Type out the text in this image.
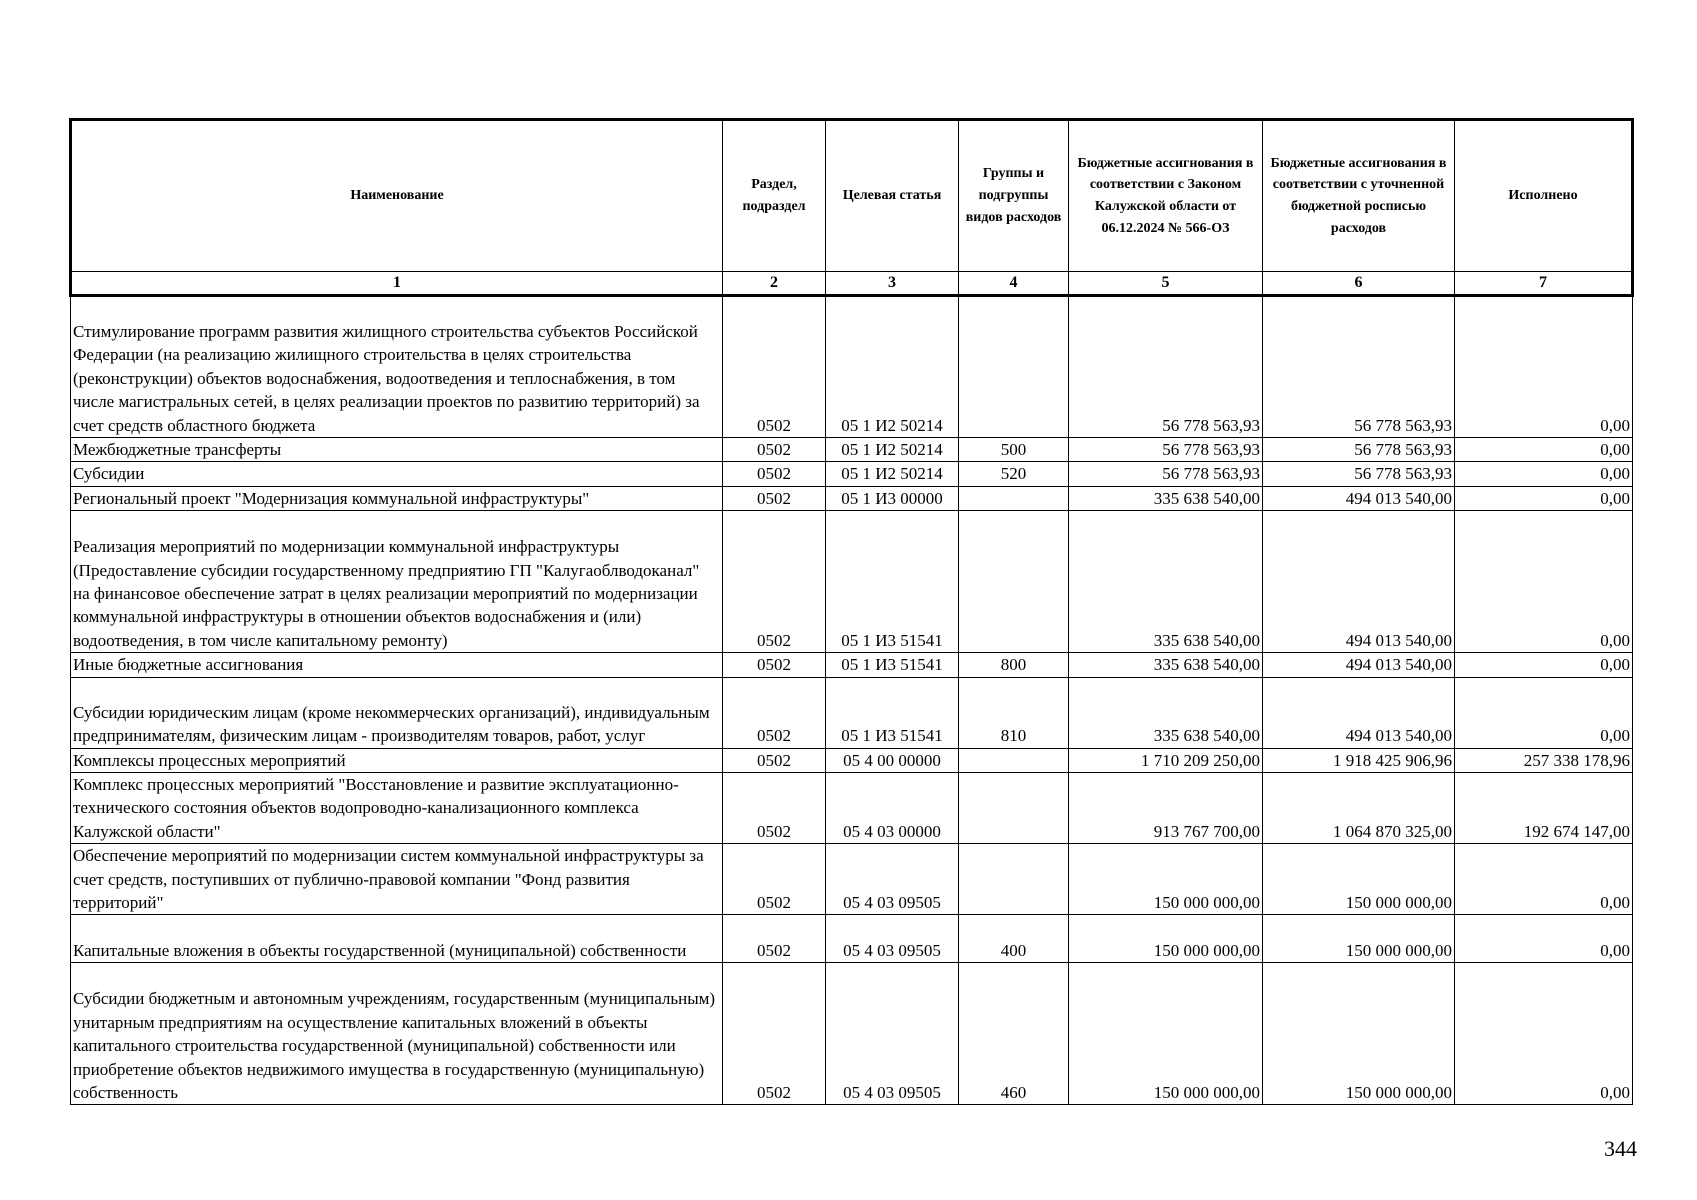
Наименование	Раздел, подраздел	Целевая статья	Группы и подгруппы видов расходов	Бюджетные ассигнования в соответствии с Законом Калужской области от 06.12.2024 № 566-ОЗ	Бюджетные ассигнования в соответствии с уточненной бюджетной росписью расходов	Исполнено
1	2	3	4	5	6	7
Стимулирование программ развития жилищного строительства субъектов Российской Федерации (на реализацию жилищного строительства в целях строительства (реконструкции) объектов водоснабжения, водоотведения и теплоснабжения, в том числе магистральных сетей, в целях реализации проектов по развитию территорий) за счет средств областного бюджета	0502	05 1 И2 50214		56 778 563,93	56 778 563,93	0,00
Межбюджетные трансферты	0502	05 1 И2 50214	500	56 778 563,93	56 778 563,93	0,00
Субсидии	0502	05 1 И2 50214	520	56 778 563,93	56 778 563,93	0,00
Региональный проект "Модернизация коммунальной инфраструктуры"	0502	05 1 И3 00000		335 638 540,00	494 013 540,00	0,00
Реализация мероприятий по модернизации коммунальной инфраструктуры (Предоставление субсидии государственному предприятию ГП "Калугаоблводоканал" на финансовое обеспечение затрат в целях реализации мероприятий по модернизации коммунальной инфраструктуры в отношении объектов водоснабжения и (или) водоотведения, в том числе капитальному ремонту)	0502	05 1 И3 51541		335 638 540,00	494 013 540,00	0,00
Иные бюджетные ассигнования	0502	05 1 И3 51541	800	335 638 540,00	494 013 540,00	0,00
Субсидии юридическим лицам (кроме некоммерческих организаций), индивидуальным предпринимателям, физическим лицам - производителям товаров, работ, услуг	0502	05 1 И3 51541	810	335 638 540,00	494 013 540,00	0,00
Комплексы процессных мероприятий	0502	05 4 00 00000		1 710 209 250,00	1 918 425 906,96	257 338 178,96
Комплекс процессных мероприятий "Восстановление и развитие эксплуатационно-технического состояния объектов водопроводно-канализационного комплекса Калужской области"	0502	05 4 03 00000		913 767 700,00	1 064 870 325,00	192 674 147,00
Обеспечение мероприятий по модернизации систем коммунальной инфраструктуры за счет средств, поступивших от публично-правовой компании "Фонд развития территорий"	0502	05 4 03 09505		150 000 000,00	150 000 000,00	0,00
Капитальные вложения в объекты государственной (муниципальной) собственности	0502	05 4 03 09505	400	150 000 000,00	150 000 000,00	0,00
Субсидии бюджетным и автономным учреждениям, государственным (муниципальным) унитарным предприятиям на осуществление капитальных вложений в объекты капитального строительства государственной (муниципальной) собственности или приобретение объектов недвижимого имущества в государственную (муниципальную) собственность	0502	05 4 03 09505	460	150 000 000,00	150 000 000,00	0,00
344
